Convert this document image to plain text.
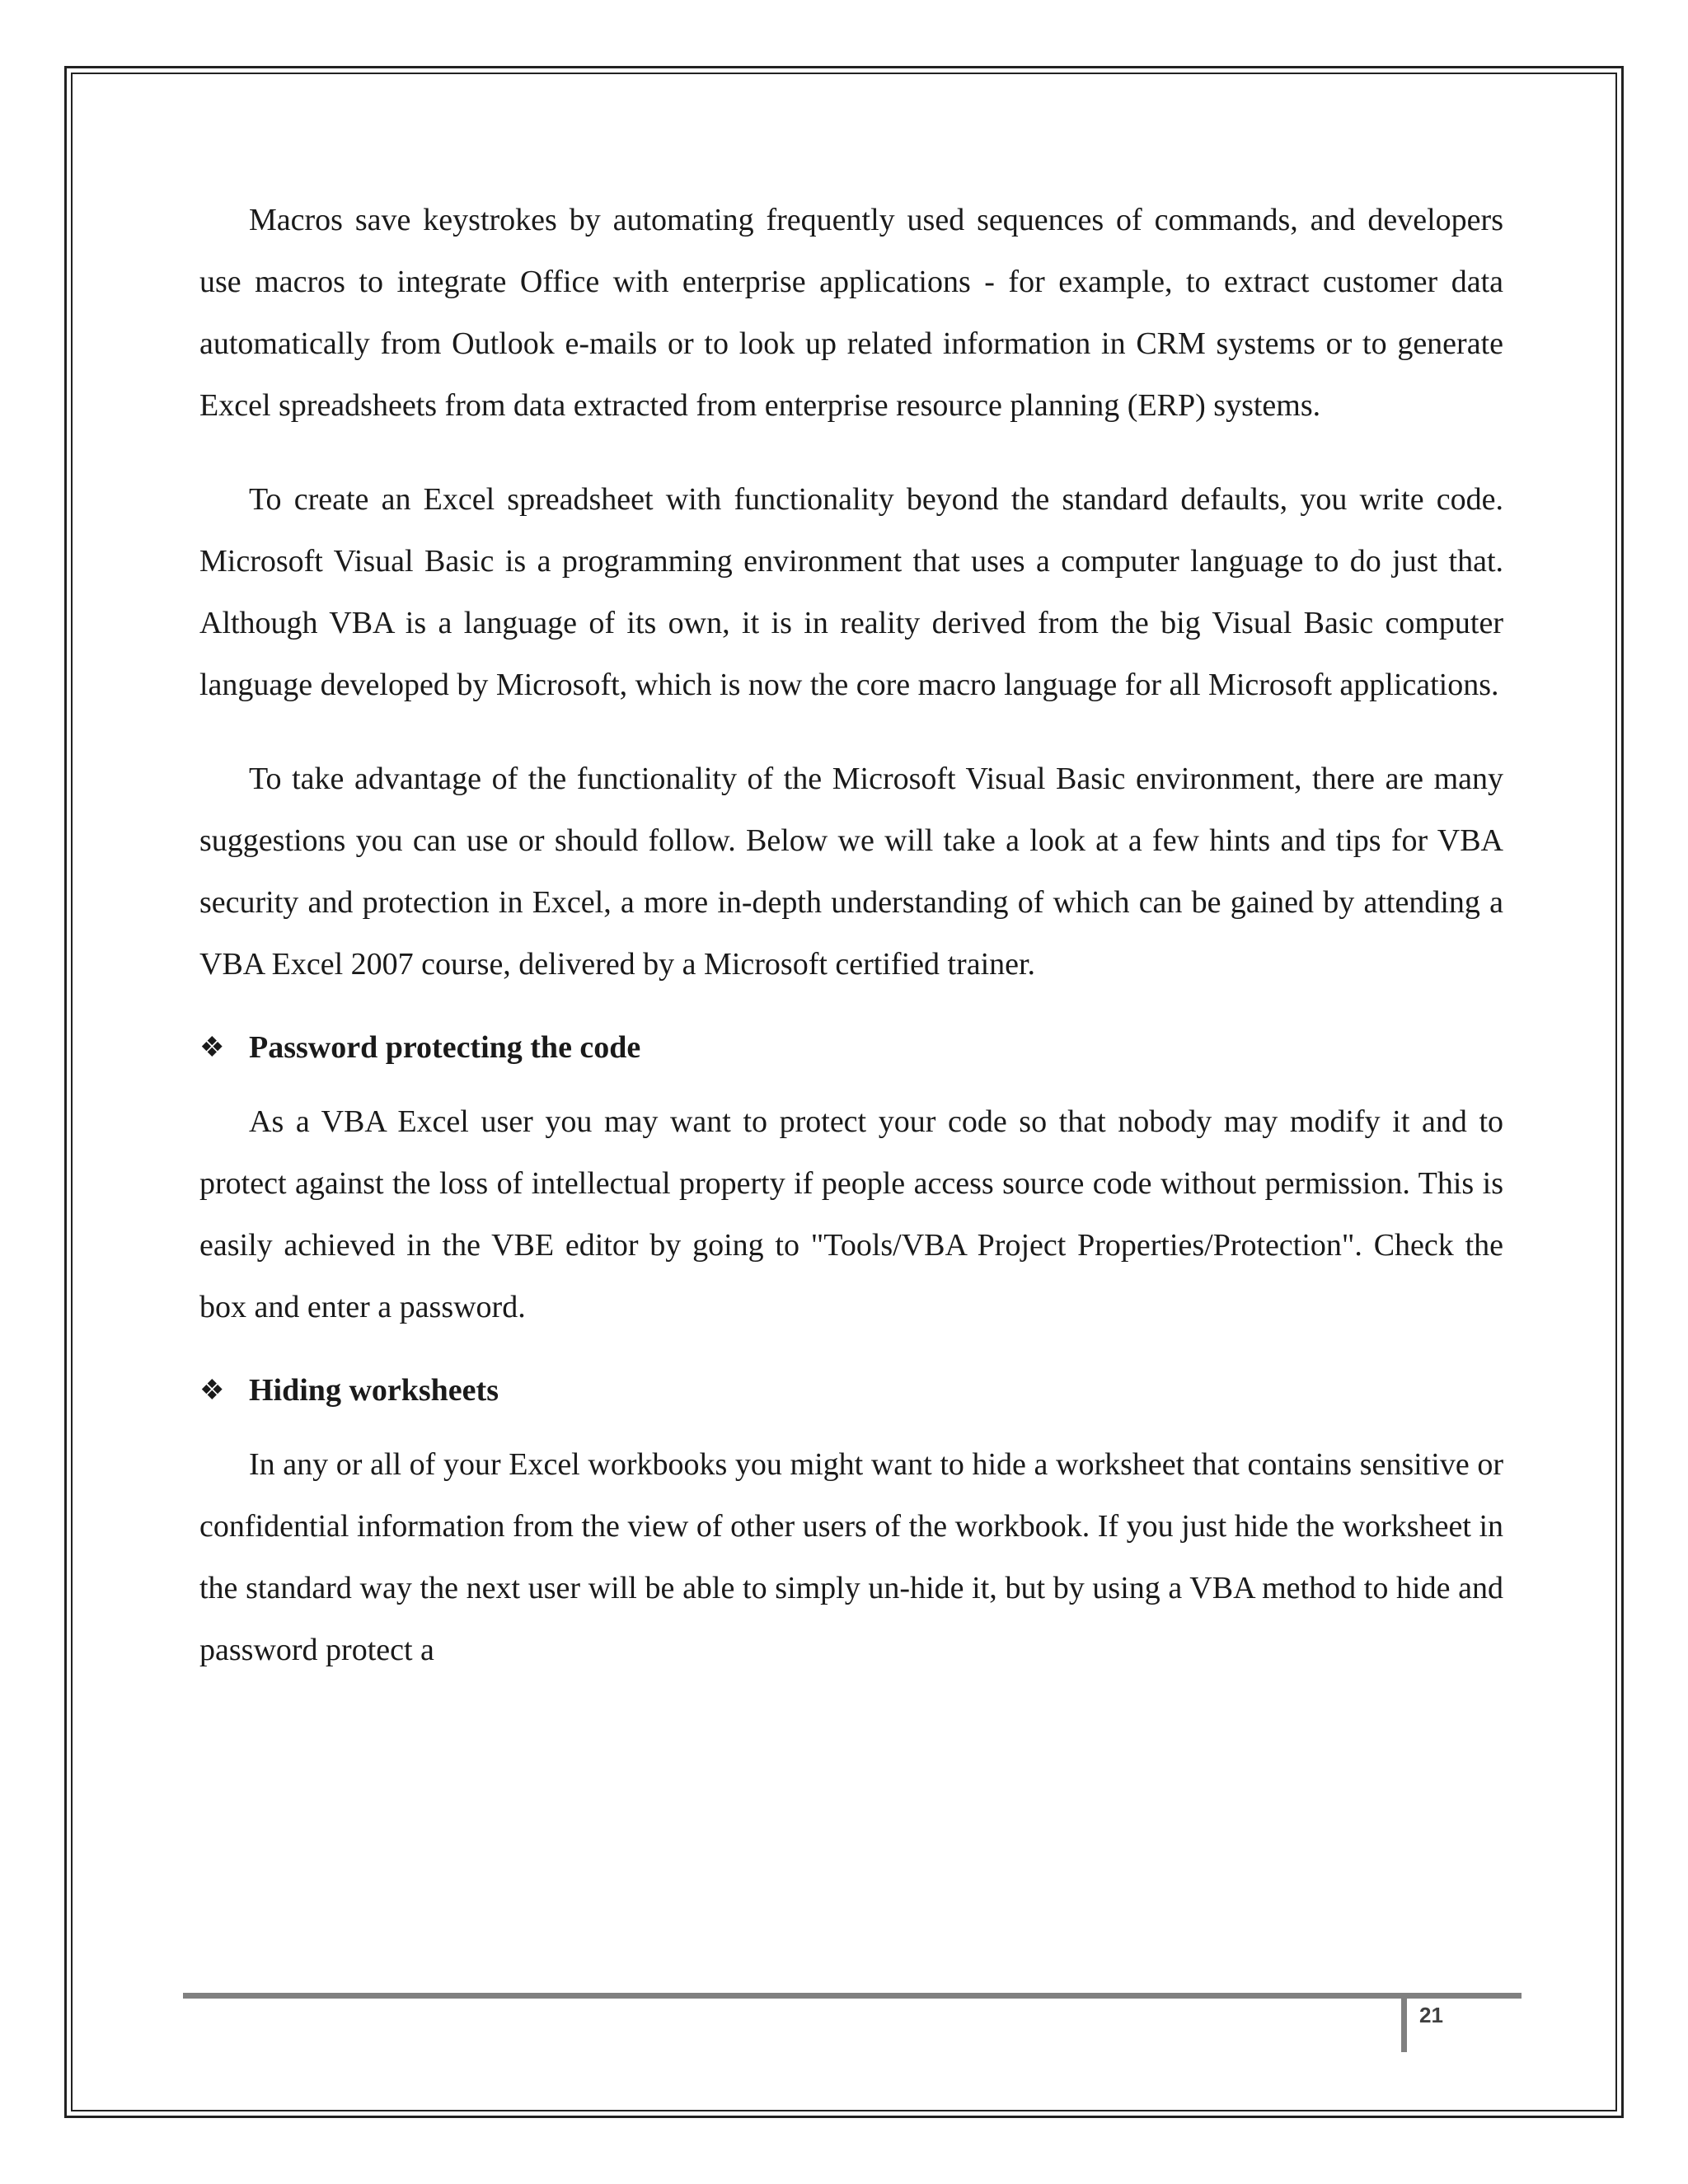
Macros save keystrokes by automating frequently used sequences of commands, and developers use macros to integrate Office with enterprise applications - for example, to extract customer data automatically from Outlook e-mails or to look up related information in CRM systems or to generate Excel spreadsheets from data extracted from enterprise resource planning (ERP) systems.

To create an Excel spreadsheet with functionality beyond the standard defaults, you write code. Microsoft Visual Basic is a programming environment that uses a computer language to do just that. Although VBA is a language of its own, it is in reality derived from the big Visual Basic computer language developed by Microsoft, which is now the core macro language for all Microsoft applications.

To take advantage of the functionality of the Microsoft Visual Basic environment, there are many suggestions you can use or should follow. Below we will take a look at a few hints and tips for VBA security and protection in Excel, a more in-depth understanding of which can be gained by attending a VBA Excel 2007 course, delivered by a Microsoft certified trainer.

❖ Password protecting the code

As a VBA Excel user you may want to protect your code so that nobody may modify it and to protect against the loss of intellectual property if people access source code without permission. This is easily achieved in the VBE editor by going to "Tools/VBA Project Properties/Protection". Check the box and enter a password.

❖ Hiding worksheets

In any or all of your Excel workbooks you might want to hide a worksheet that contains sensitive or confidential information from the view of other users of the workbook. If you just hide the worksheet in the standard way the next user will be able to simply un-hide it, but by using a VBA method to hide and password protect a

21
